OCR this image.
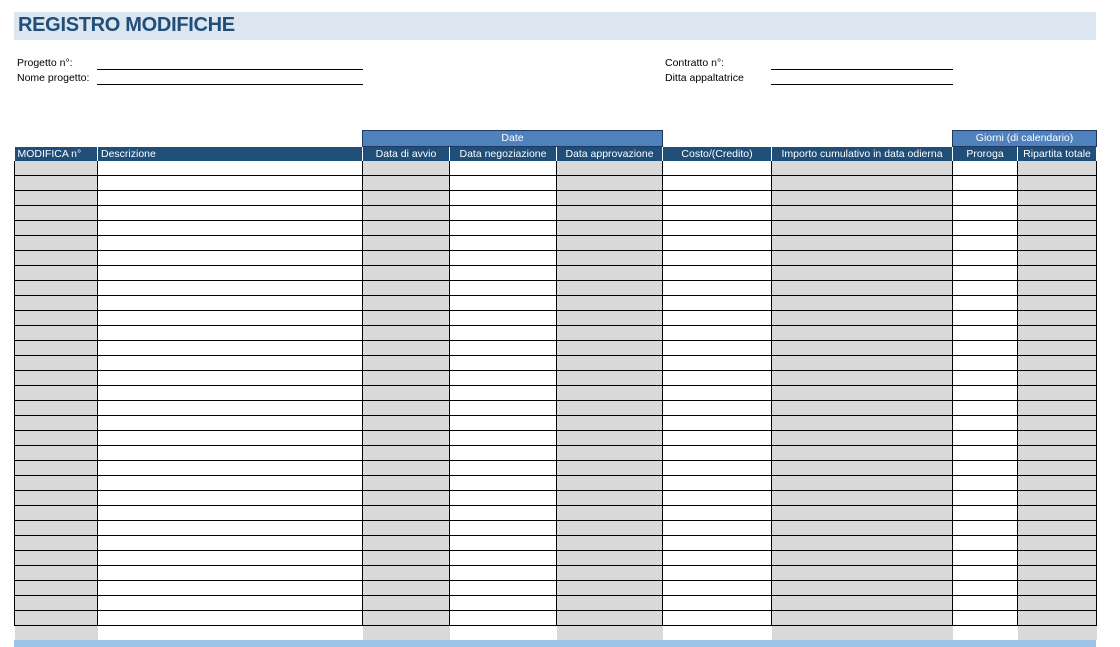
REGISTRO MODIFICHE
Progetto n°:
Nome progetto:
Contratto n°:
Ditta appaltatrice
		Date					Giorni (di calendario)	
MODIFICA n°	Descrizione	Data di avvio	Data negoziazione	Data approvazione	Costo/(Credito)	Importo cumulativo in data odierna	Proroga	Ripartita totale
